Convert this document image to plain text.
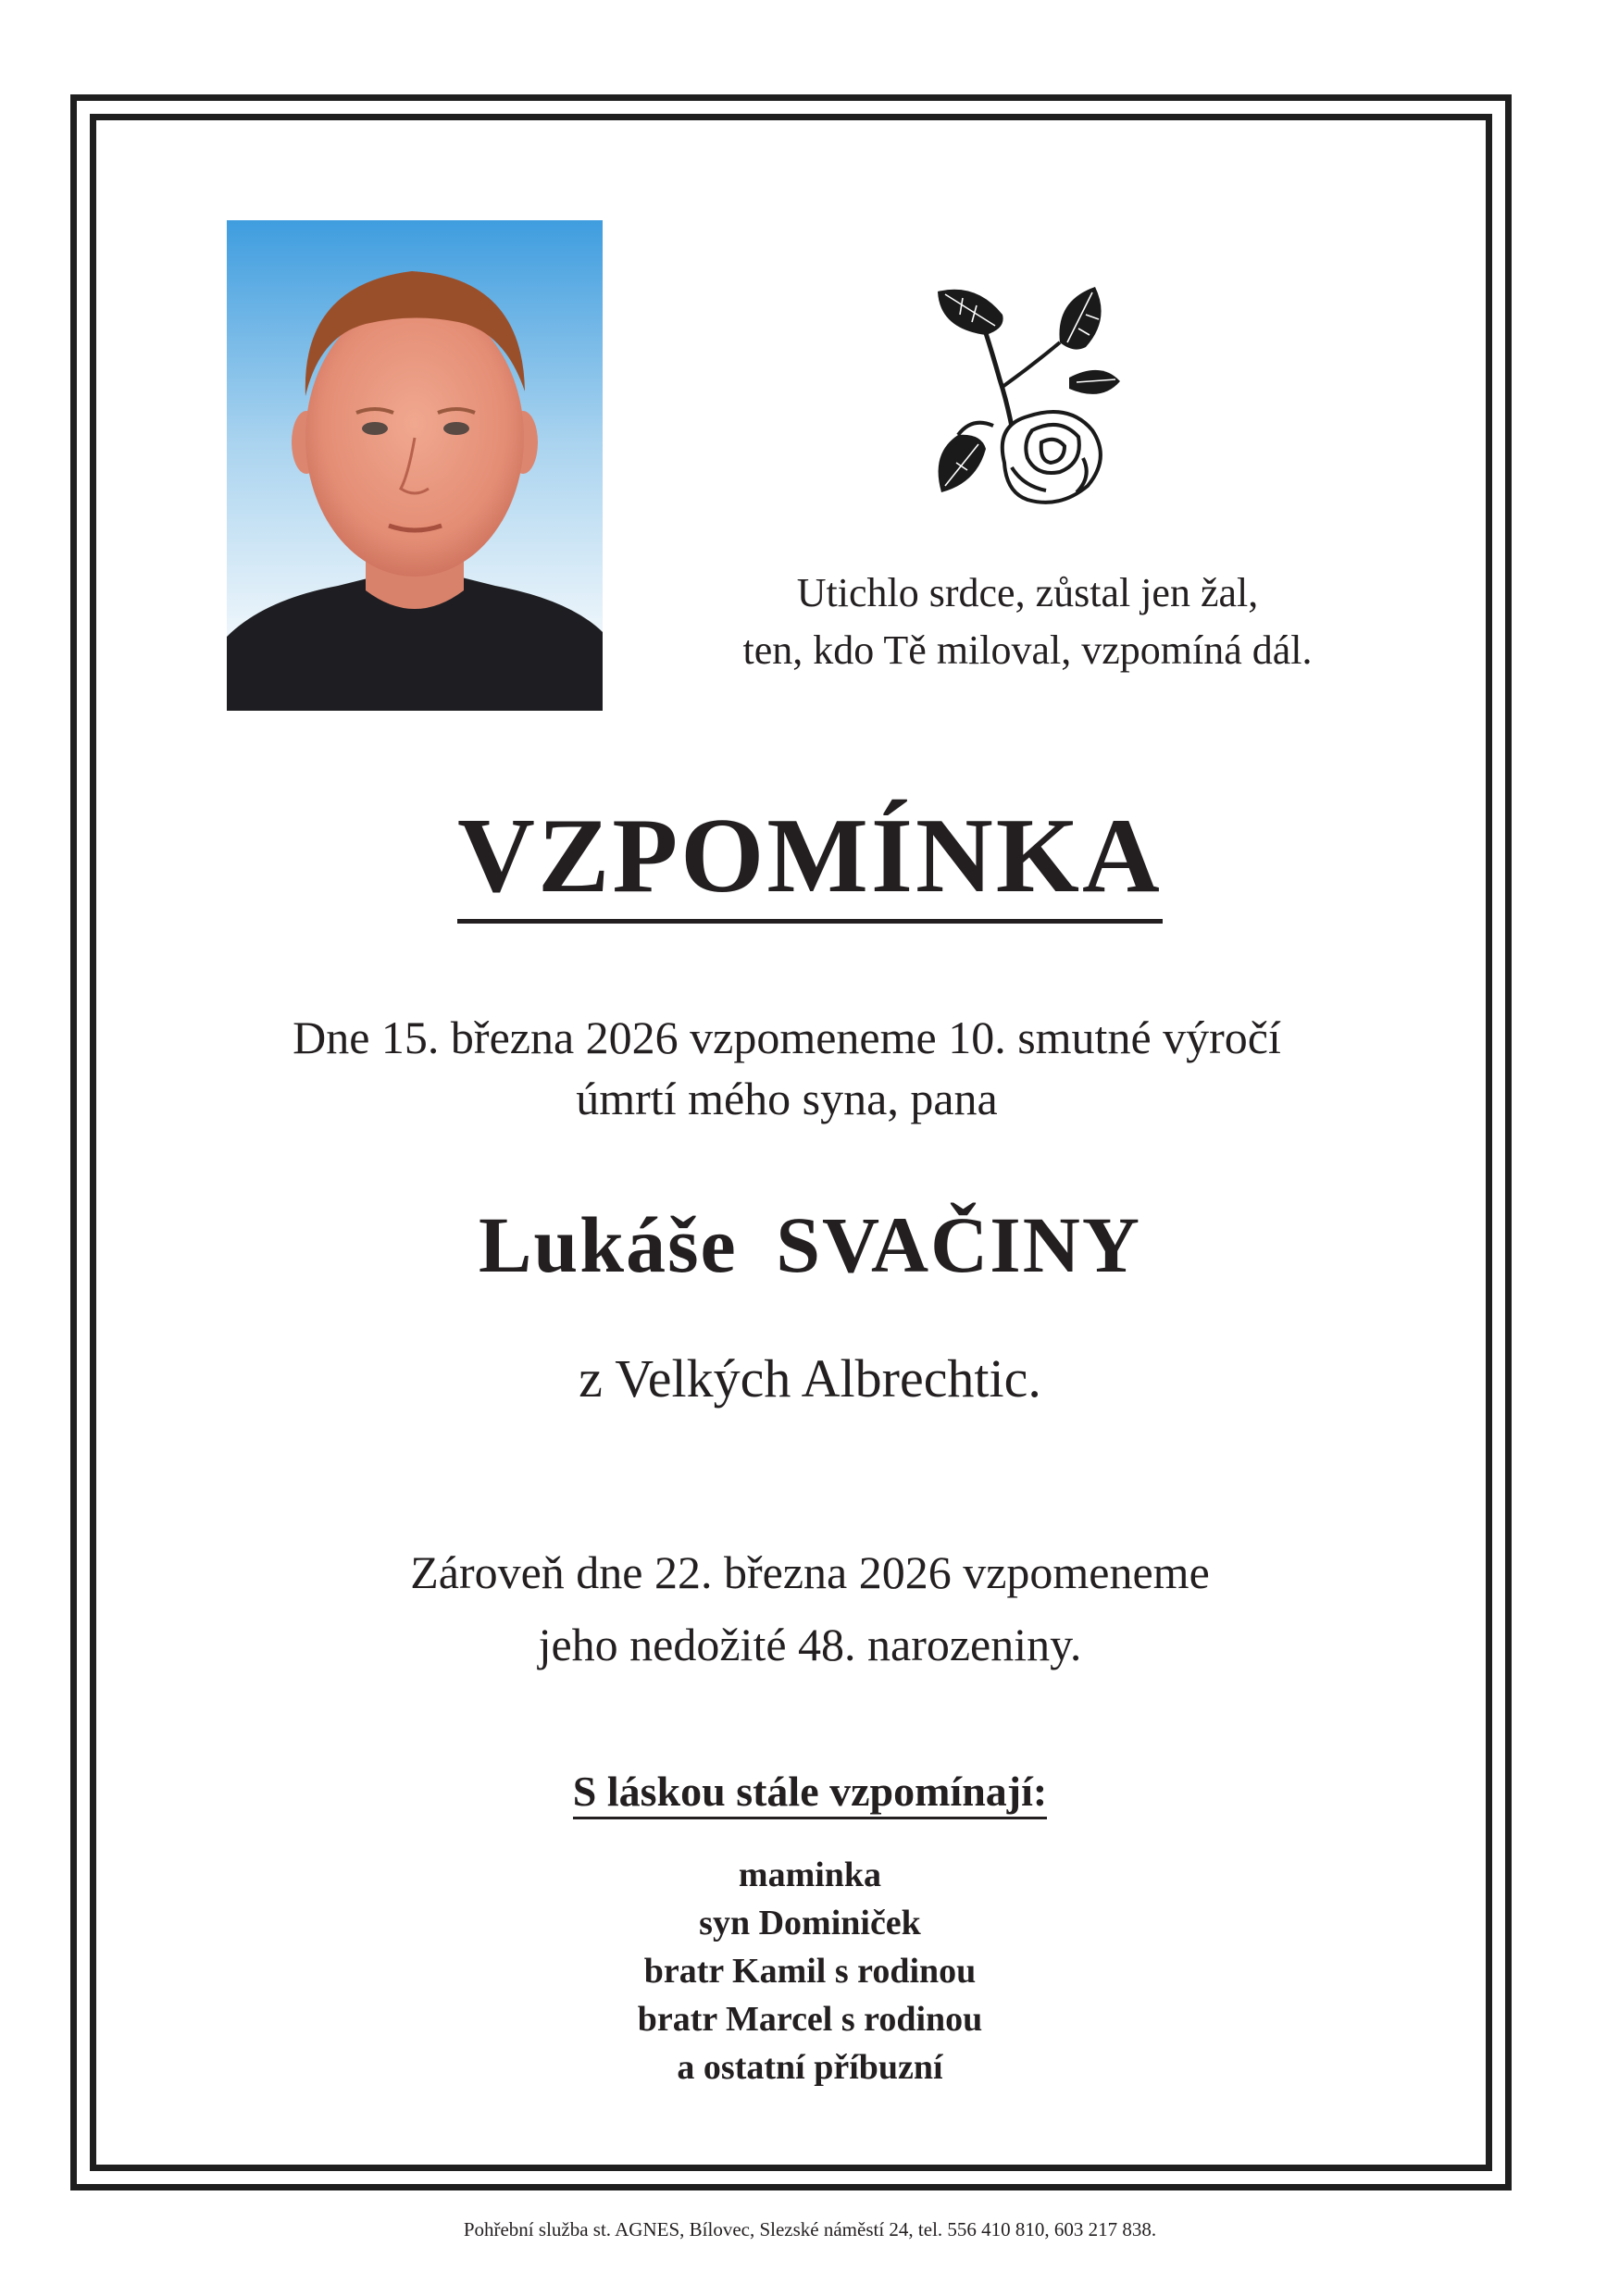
Utichlo srdce, zůstal jen žal,
ten, kdo Tě miloval, vzpomíná dál.
VZPOMÍNKA
Dne 15. března 2026 vzpomeneme 10. smutné výročí
úmrtí mého syna, pana
Lukáše SVAČINY
z Velkých Albrechtic.
Zároveň dne 22. března 2026 vzpomeneme
jeho nedožité 48. narozeniny.
S láskou stále vzpomínají:
maminka
syn Dominiček
bratr Kamil s rodinou
bratr Marcel s rodinou
a ostatní příbuzní
Pohřební služba st. AGNES, Bílovec, Slezské náměstí 24, tel. 556 410 810, 603 217 838.
